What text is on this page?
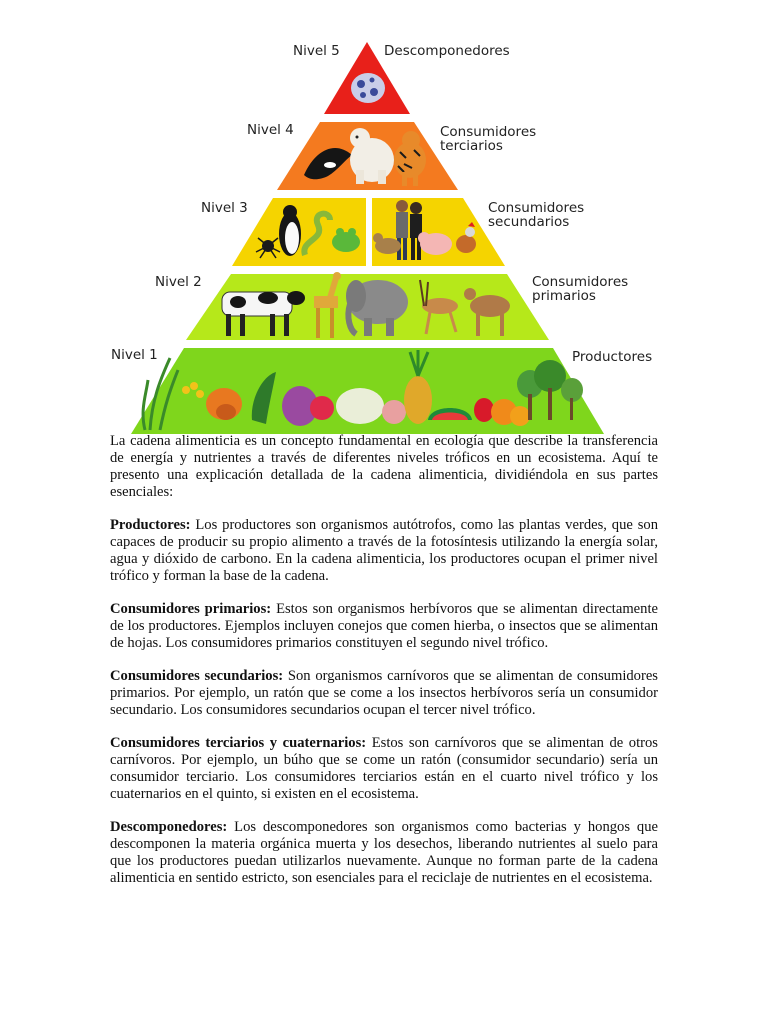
Nivel 5	Descomponedores
Nivel 4	Consumidores
terciarios
Nivel 3	Consumidores
secundarios
Nivel 2	Consumidores
primarios
Nivel 1	Productores

La cadena alimenticia es un concepto fundamental en ecología que describe la transferencia de energía y nutrientes a través de diferentes niveles tróficos en un ecosistema. Aquí te presento una explicación detallada de la cadena alimenticia, dividiéndola en sus partes esenciales:

Productores: Los productores son organismos autótrofos, como las plantas verdes, que son capaces de producir su propio alimento a través de la fotosíntesis utilizando la energía solar, agua y dióxido de carbono. En la cadena alimenticia, los productores ocupan el primer nivel trófico y forman la base de la cadena.

Consumidores primarios: Estos son organismos herbívoros que se alimentan directamente de los productores. Ejemplos incluyen conejos que comen hierba, o insectos que se alimentan de hojas. Los consumidores primarios constituyen el segundo nivel trófico.

Consumidores secundarios: Son organismos carnívoros que se alimentan de consumidores primarios. Por ejemplo, un ratón que se come a los insectos herbívoros sería un consumidor secundario. Los consumidores secundarios ocupan el tercer nivel trófico.

Consumidores terciarios y cuaternarios: Estos son carnívoros que se alimentan de otros carnívoros. Por ejemplo, un búho que se come un ratón (consumidor secundario) sería un consumidor terciario. Los consumidores terciarios están en el cuarto nivel trófico y los cuaternarios en el quinto, si existen en el ecosistema.

Descomponedores: Los descomponedores son organismos como bacterias y hongos que descomponen la materia orgánica muerta y los desechos, liberando nutrientes al suelo para que los productores puedan utilizarlos nuevamente. Aunque no forman parte de la cadena alimenticia en sentido estricto, son esenciales para el reciclaje de nutrientes en el ecosistema.
